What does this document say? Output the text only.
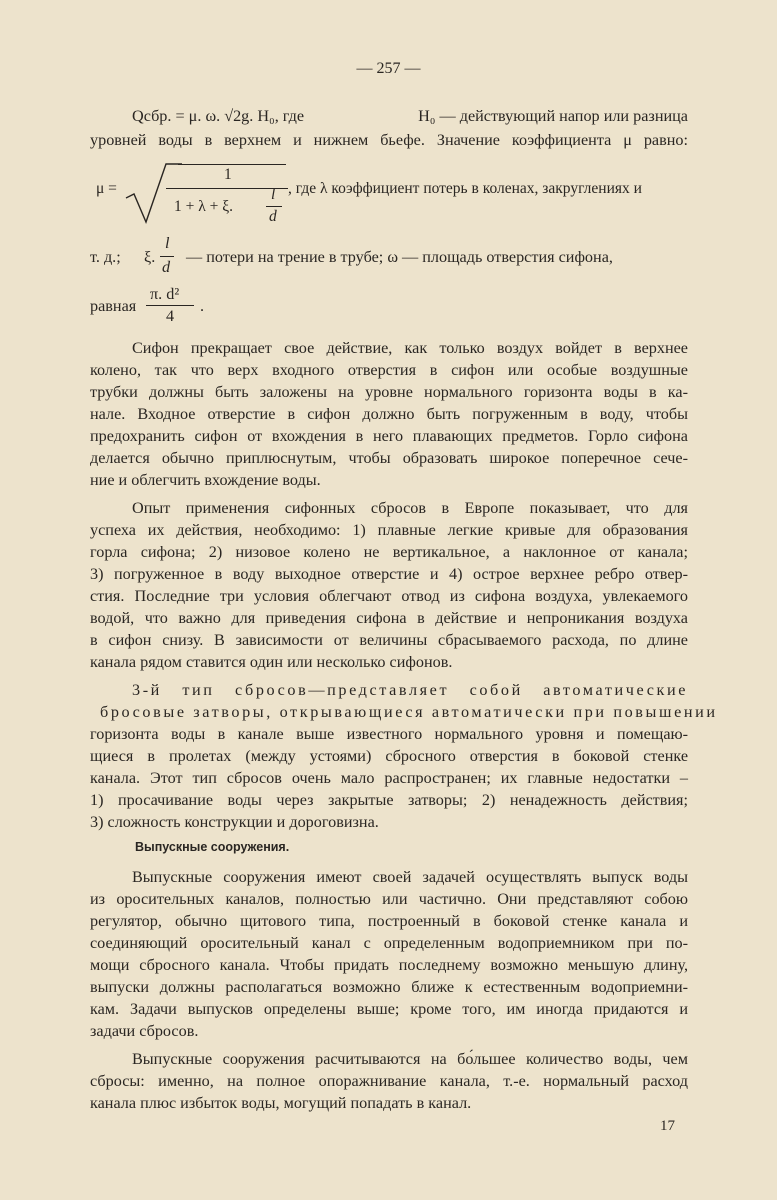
— 257 —
Qсбр. = μ. ω. √2g. H₀, где	H₀ — действующий напор или разница
уровней воды в верхнем и нижнем бьефе. Значение коэффициента μ равно:
μ =
1
1 + λ + ξ.
l
d
, где λ коэффициент потерь в коленах, закруглениях и
т. д.; ξ.
l
d
— потери на трение в трубе; ω — площадь отверстия сифона,
равная
π. d²
4
.
Сифон прекращает свое действие, как только воздух войдет в верхнее
колено, так что верх входного отверстия в сифон или особые воздушные
трубки должны быть заложены на уровне нормального горизонта воды в ка-
нале. Входное отверстие в сифон должно быть погруженным в воду, чтобы
предохранить сифон от вхождения в него плавающих предметов. Горло сифона
делается обычно приплюснутым, чтобы образовать широкое поперечное сече-
ние и облегчить вхождение воды.
Опыт применения сифонных сбросов в Европе показывает, что для
успеха их действия, необходимо: 1) плавные легкие кривые для образования
горла сифона; 2) низовое колено не вертикальное, а наклонное от канала;
3) погруженное в воду выходное отверстие и 4) острое верхнее ребро отвер-
стия. Последние три условия облегчают отвод из сифона воздуха, увлекаемого
водой, что важно для приведения сифона в действие и непроникания воздуха
в сифон снизу. В зависимости от величины сбрасываемого расхода, по длине
канала рядом ставится один или несколько сифонов.
3-й тип сбросов—представляет собой автоматические
бросовые затворы, открывающиеся автоматически при повышении
горизонта воды в канале выше известного нормального уровня и помещаю-
щиеся в пролетах (между устоями) сбросного отверстия в боковой стенке
канала. Этот тип сбросов очень мало распространен; их главные недостатки –
1) просачивание воды через закрытые затворы; 2) ненадежность действия;
3) сложность конструкции и дороговизна.
Выпускные сооружения.
Выпускные сооружения имеют своей задачей осуществлять выпуск воды
из оросительных каналов, полностью или частично. Они представляют собою
регулятор, обычно щитового типа, построенный в боковой стенке канала и
соединяющий оросительный канал с определенным водоприемником при по-
мощи сбросного канала. Чтобы придать последнему возможно меньшую длину,
выпуски должны располагаться возможно ближе к естественным водоприемни-
кам. Задачи выпусков определены выше; кроме того, им иногда придаются и
задачи сбросов.
Выпускные сооружения расчитываются на бо́льшее количество воды, чем
сбросы: именно, на полное опоражнивание канала, т.-е. нормальный расход
канала плюс избыток воды, могущий попадать в канал.
17
